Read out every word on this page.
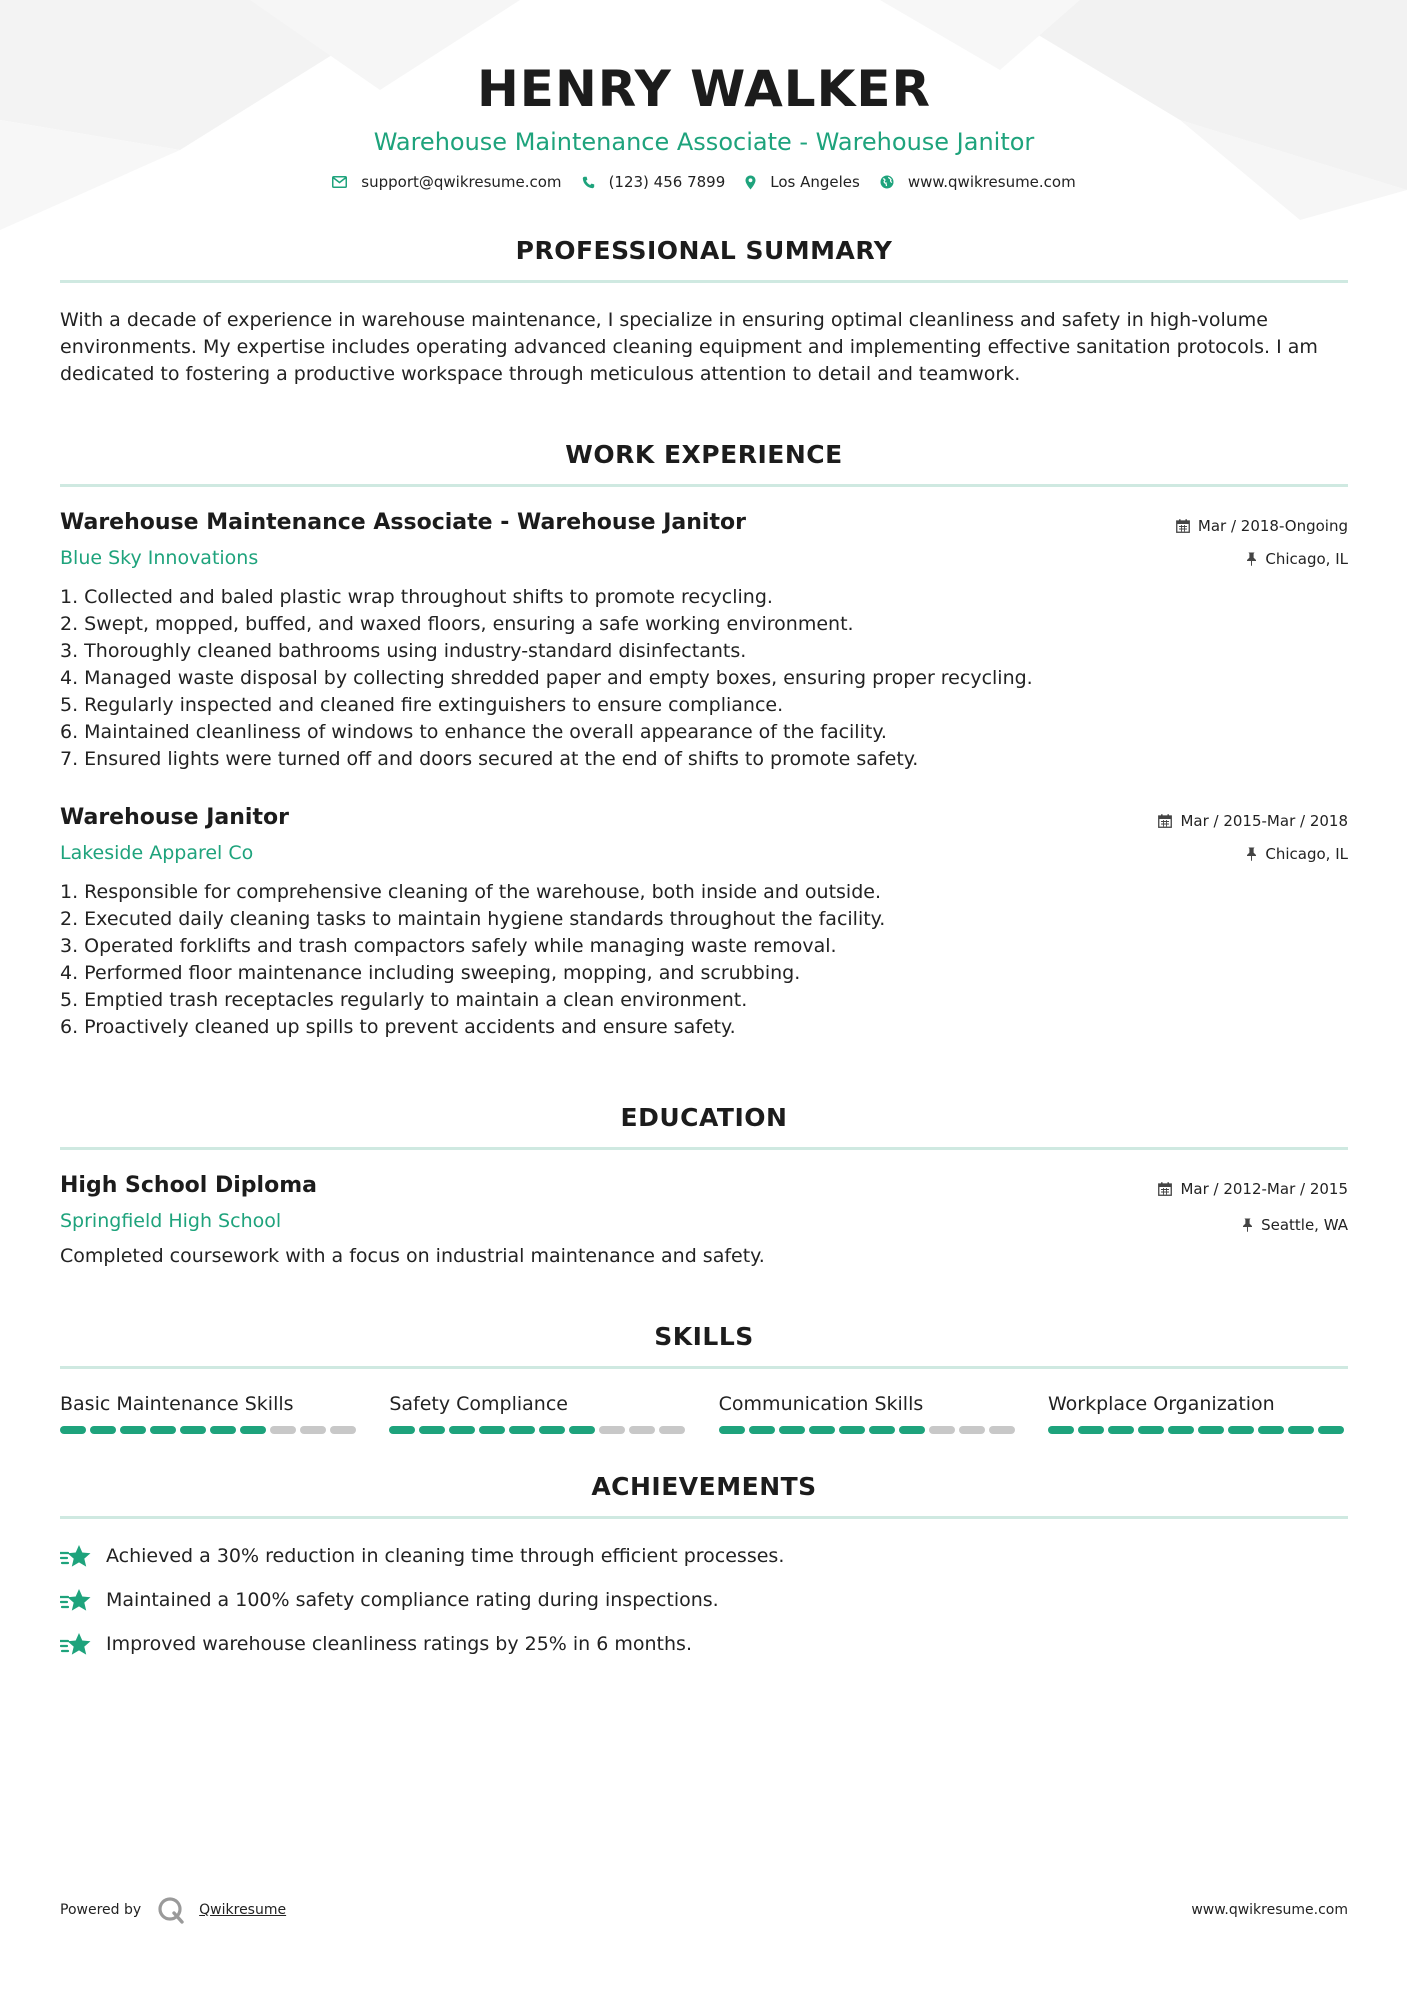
HENRY WALKER
Warehouse Maintenance Associate - Warehouse Janitor
support@qwikresume.com	(123) 456 7899	Los Angeles	www.qwikresume.com
PROFESSIONAL SUMMARY
With a decade of experience in warehouse maintenance, I specialize in ensuring optimal cleanliness and safety in high-volume environments. My expertise includes operating advanced cleaning equipment and implementing effective sanitation protocols. I am dedicated to fostering a productive workspace through meticulous attention to detail and teamwork.
WORK EXPERIENCE
Warehouse Maintenance Associate - Warehouse Janitor
Blue Sky Innovations
Mar / 2018-Ongoing
Chicago, IL
1. Collected and baled plastic wrap throughout shifts to promote recycling.
2. Swept, mopped, buffed, and waxed floors, ensuring a safe working environment.
3. Thoroughly cleaned bathrooms using industry-standard disinfectants.
4. Managed waste disposal by collecting shredded paper and empty boxes, ensuring proper recycling.
5. Regularly inspected and cleaned fire extinguishers to ensure compliance.
6. Maintained cleanliness of windows to enhance the overall appearance of the facility.
7. Ensured lights were turned off and doors secured at the end of shifts to promote safety.
Warehouse Janitor
Lakeside Apparel Co
Mar / 2015-Mar / 2018
Chicago, IL
1. Responsible for comprehensive cleaning of the warehouse, both inside and outside.
2. Executed daily cleaning tasks to maintain hygiene standards throughout the facility.
3. Operated forklifts and trash compactors safely while managing waste removal.
4. Performed floor maintenance including sweeping, mopping, and scrubbing.
5. Emptied trash receptacles regularly to maintain a clean environment.
6. Proactively cleaned up spills to prevent accidents and ensure safety.
EDUCATION
High School Diploma
Springfield High School
Mar / 2012-Mar / 2015
Seattle, WA
Completed coursework with a focus on industrial maintenance and safety.
SKILLS
Basic Maintenance Skills	Safety Compliance	Communication Skills	Workplace Organization
ACHIEVEMENTS
Achieved a 30% reduction in cleaning time through efficient processes.
Maintained a 100% safety compliance rating during inspections.
Improved warehouse cleanliness ratings by 25% in 6 months.
Powered by	Qwikresume	www.qwikresume.com
